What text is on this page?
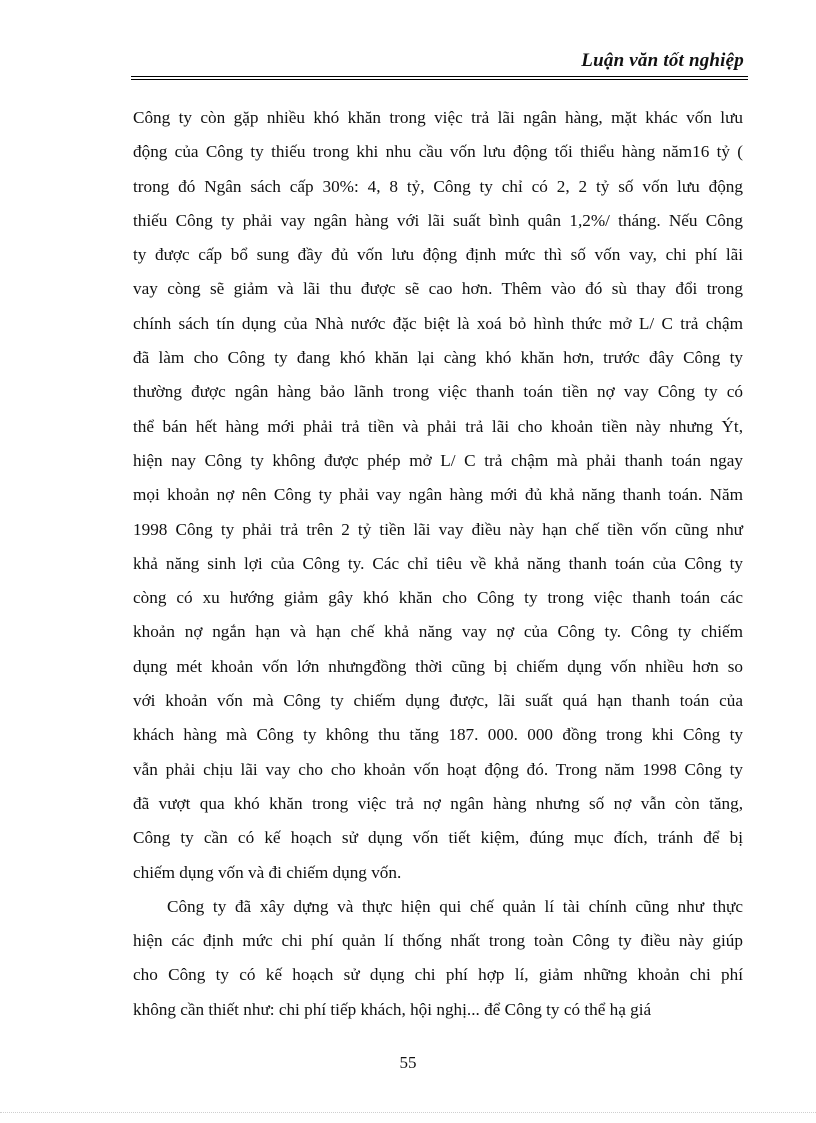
Luận văn tốt nghiệp
Công ty còn gặp nhiều khó khăn trong việc trả lãi ngân hàng, mặt khác vốn lưu
động của Công ty thiếu trong khi nhu cầu vốn lưu động tối thiểu hàng năm16 tỷ (
trong đó Ngân sách cấp 30%: 4, 8 tỷ, Công ty chỉ có 2, 2 tỷ số vốn lưu động
thiếu Công ty phải vay ngân hàng với lãi suất bình quân 1,2%/ tháng. Nếu Công
ty được cấp bổ sung đầy đủ vốn lưu động định mức thì số vốn vay, chi phí lãi
vay còng sẽ giảm và lãi thu được sẽ cao hơn. Thêm vào đó sù thay đổi trong
chính sách tín dụng của Nhà nước đặc biệt là xoá bỏ hình thức mở L/ C trả chậm
đã làm cho Công ty đang khó khăn lại càng khó khăn hơn, trước đây Công ty
thường được ngân hàng bảo lãnh trong việc thanh toán tiền nợ vay Công ty có
thể bán hết hàng mới phải trả tiền và phải trả lãi cho khoản tiền này nhưng Ýt,
hiện nay Công ty không được phép mở L/ C trả chậm mà phải thanh toán ngay
mọi khoản nợ nên Công ty phải vay ngân hàng mới đủ khả năng thanh toán. Năm
1998 Công ty phải trả trên 2 tỷ tiền lãi vay điều này hạn chế tiền vốn cũng như
khả năng sinh lợi của Công ty. Các chỉ tiêu về khả năng thanh toán của Công ty
còng có xu hướng giảm gây khó khăn cho Công ty trong việc thanh toán các
khoản nợ ngắn hạn và hạn chế khả năng vay nợ của Công ty. Công ty chiếm
dụng mét khoản vốn lớn nhưngđồng thời cũng bị chiếm dụng vốn nhiều hơn so
với khoản vốn mà Công ty chiếm dụng được, lãi suất quá hạn thanh toán của
khách hàng mà Công ty không thu tăng 187. 000. 000 đồng trong khi Công ty
vẫn phải chịu lãi vay cho cho khoản vốn hoạt động đó. Trong năm 1998 Công ty
đã vượt qua khó khăn trong việc trả nợ ngân hàng nhưng số nợ vẫn còn tăng,
Công ty cần có kế hoạch sử dụng vốn tiết kiệm, đúng mục đích, tránh để bị
chiếm dụng vốn và đi chiếm dụng vốn.
Công ty đã xây dựng và thực hiện qui chế quản lí tài chính cũng như thực
hiện các định mức chi phí quản lí thống nhất trong toàn Công ty điều này giúp
cho Công ty có kế hoạch sử dụng chi phí hợp lí, giảm những khoản chi phí
không cần thiết như: chi phí tiếp khách, hội nghị... để Công ty có thể hạ giá
55
